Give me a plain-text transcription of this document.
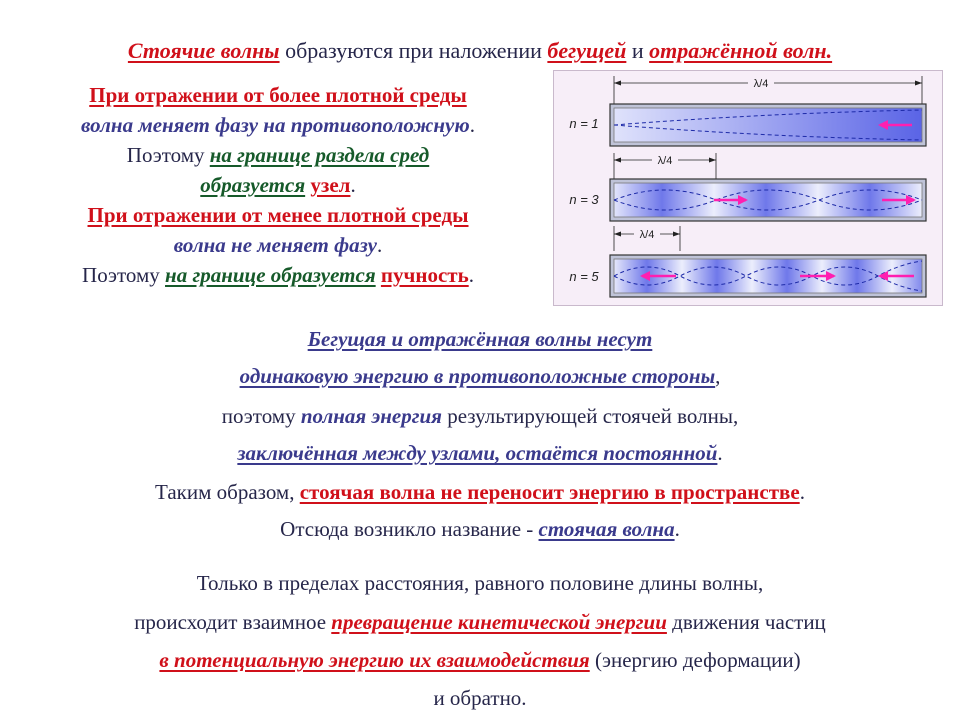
Стоячие волны образуются при наложении бегущей и отражённой волн.
При отражении от более плотной среды
волна меняет фазу на противоположную.
Поэтому на границе раздела сред
образуется узел.
При отражении от менее плотной среды
волна не меняет фазу.
Поэтому на границе образуется пучность.
λ/4
λ/4
λ/4
n = 1
n = 3
n = 5
Бегущая и отражённая волны несут
одинаковую энергию в противоположные стороны,
поэтому полная энергия результирующей стоячей волны,
заключённая между узлами, остаётся постоянной.
Таким образом, стоячая волна не переносит энергию в пространстве.
Отсюда возникло название - стоячая волна.
Только в пределах расстояния, равного половине длины волны,
происходит взаимное превращение кинетической энергии движения частиц
в потенциальную энергию их взаимодействия (энергию деформации)
и обратно.
